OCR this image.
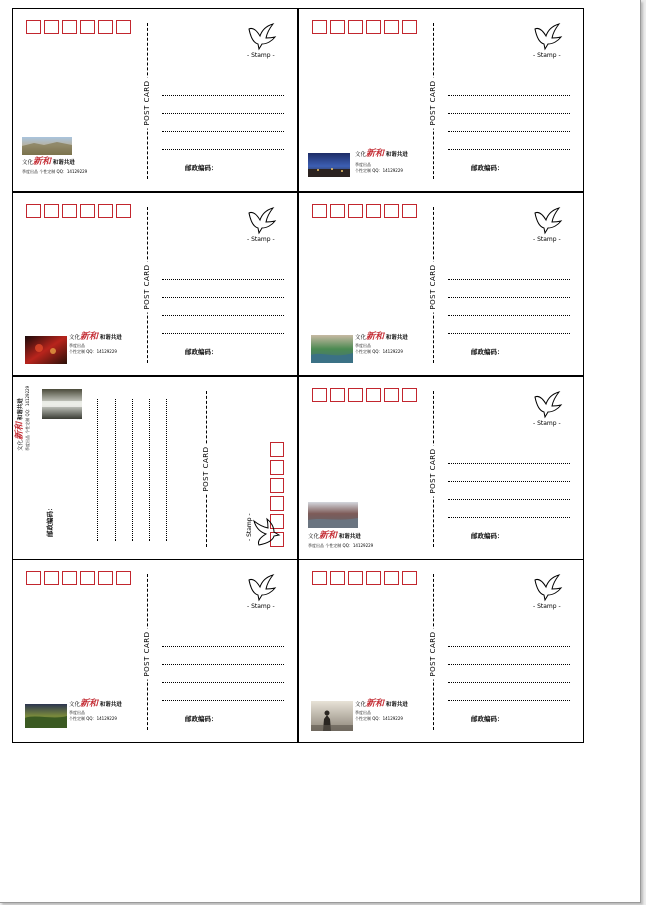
POST CARD
- Stamp -
文化新和 和谐共进
季度出品 个性定制 QQ：14129229	邮政编码：
POST CARD
- Stamp -
文化新和 和谐共进
季度出品
个性定制 QQ：14129229	邮政编码：
POST CARD
- Stamp -
文化新和 和谐共进
季度出品
个性定制 QQ：14129229	邮政编码：
POST CARD
- Stamp -
文化新和 和谐共进
季度出品
个性定制 QQ：14129229	邮政编码：
POST CARD
- Stamp -
文化新和 和谐共进
季度出品 个性定制 QQ：14129229
邮政编码：
POST CARD
- Stamp -
文化新和 和谐共进
季度出品 个性定制 QQ：14129229
邮政编码：
POST CARD
- Stamp -
文化新和 和谐共进
季度出品
个性定制 QQ：14129229	邮政编码：
POST CARD
- Stamp -
文化新和 和谐共进
季度出品
个性定制 QQ：14129229	邮政编码：
